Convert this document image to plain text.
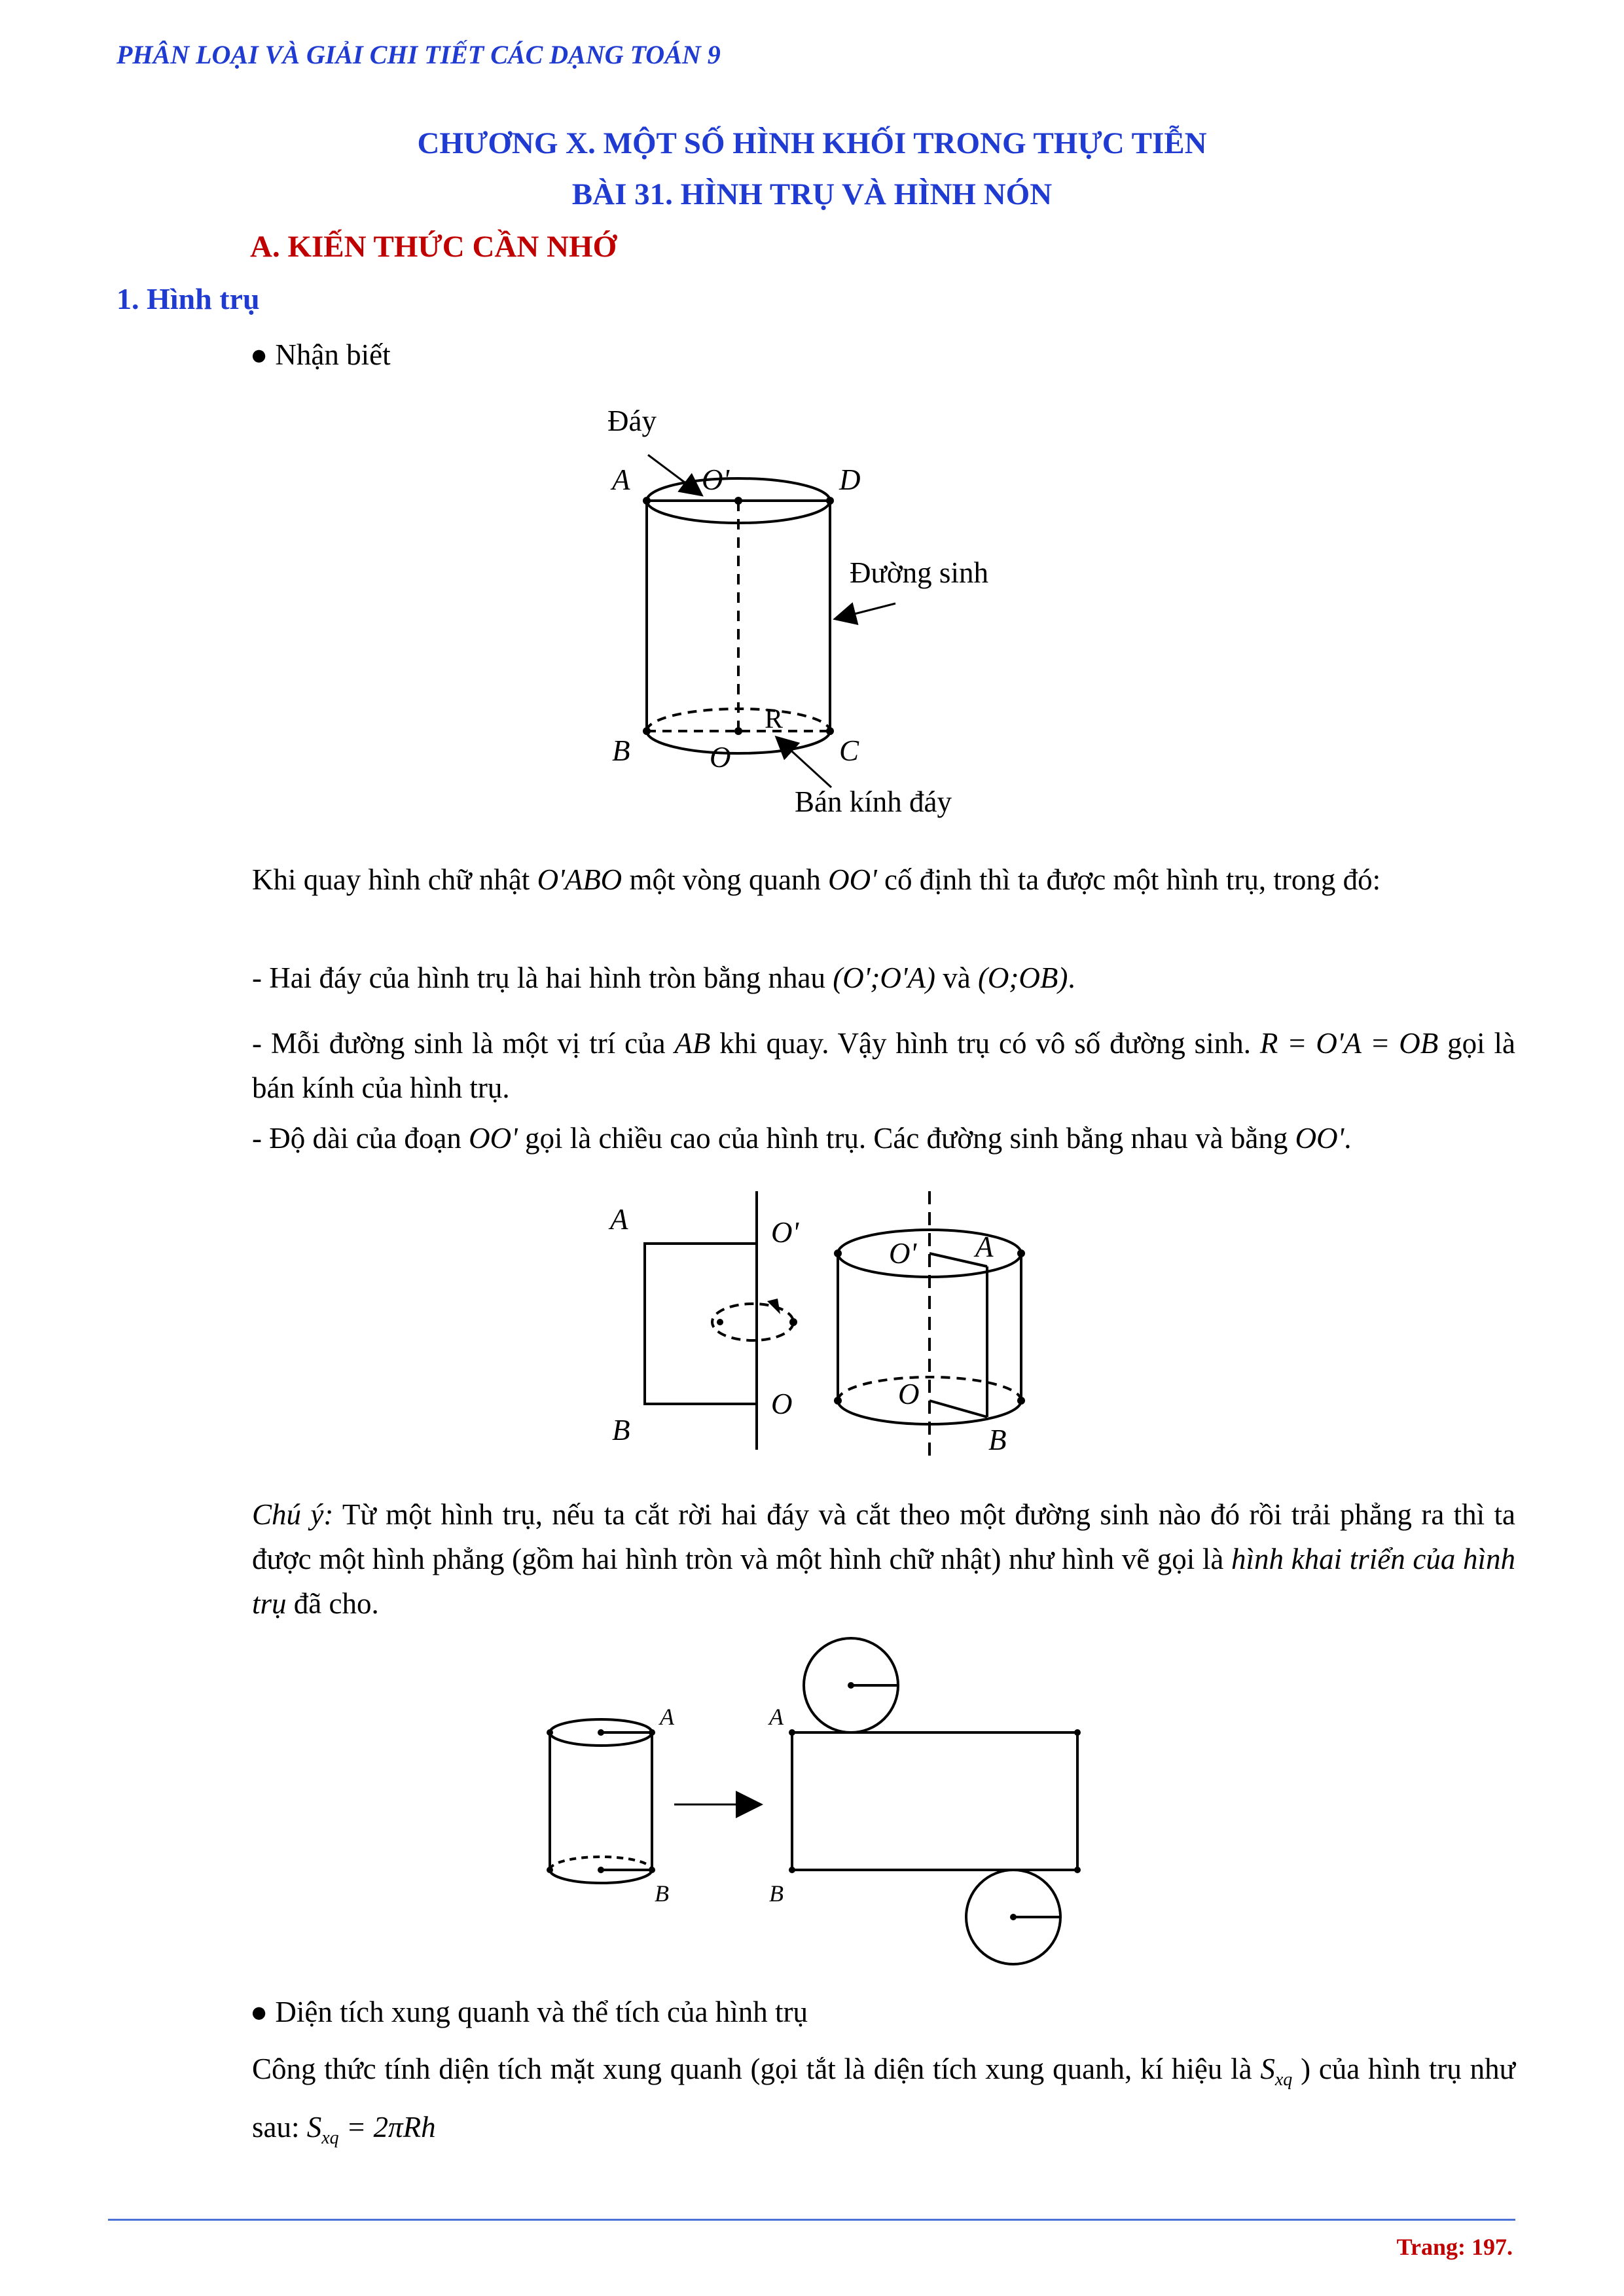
PHÂN LOẠI VÀ GIẢI CHI TIẾT CÁC DẠNG TOÁN 9
CHƯƠNG X. MỘT SỐ HÌNH KHỐI TRONG THỰC TIỄN
BÀI 31. HÌNH TRỤ VÀ HÌNH NÓN
A. KIẾN THỨC CẦN NHỚ
1. Hình trụ
● Nhận biết
Đáy
A O'	D
Đường sinh
R
B	O	C
Bán kính đáy
Khi quay hình chữ nhật O'ABO một vòng quanh OO' cố định thì ta được một hình trụ, trong đó:
- Hai đáy của hình trụ là hai hình tròn bằng nhau (O';O'A) và (O;OB).
- Mỗi đường sinh là một vị trí của AB khi quay. Vậy hình trụ có vô số đường sinh. R = O'A = OB gọi là bán kính của hình trụ.
- Độ dài của đoạn OO' gọi là chiều cao của hình trụ. Các đường sinh bằng nhau và bằng OO'.
A	O'
O
B
O' A
O
B
Chú ý: Từ một hình trụ, nếu ta cắt rời hai đáy và cắt theo một đường sinh nào đó rồi trải phẳng ra thì ta được một hình phẳng (gồm hai hình tròn và một hình chữ nhật) như hình vẽ gọi là hình khai triển của hình trụ đã cho.
A
B
A
B
● Diện tích xung quanh và thể tích của hình trụ
Công thức tính diện tích mặt xung quanh (gọi tắt là diện tích xung quanh, kí hiệu là $S_{xq}$ ) của hình trụ như sau: $S_{xq} = 2\pi Rh$
Trang: 197.
